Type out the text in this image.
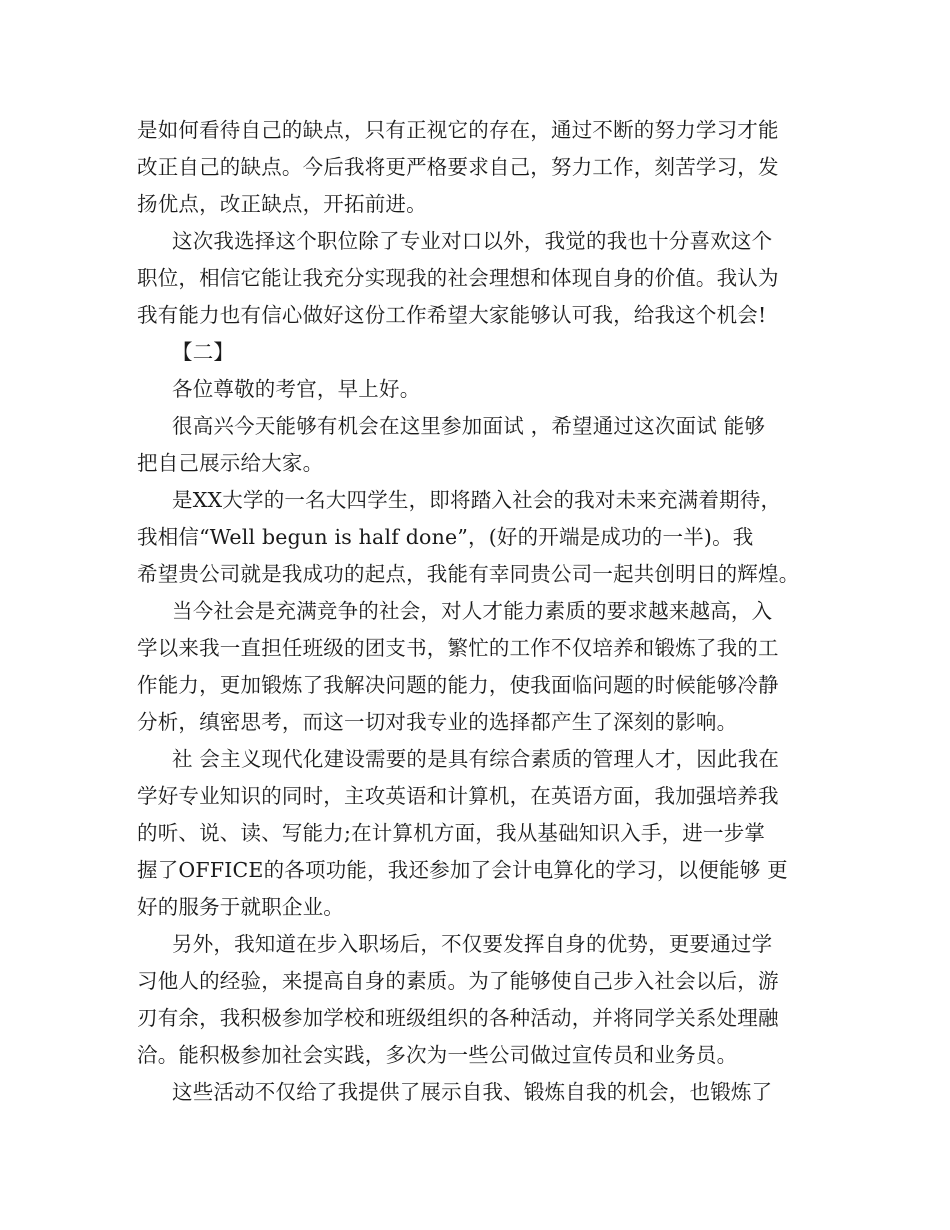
是如何看待自己的缺点，只有正视它的存在，通过不断的努力学习才能
改正自己的缺点。今后我将更严格要求自己，努力工作，刻苦学习，发
扬优点，改正缺点，开拓前进。
这次我选择这个职位除了专业对口以外，我觉的我也十分喜欢这个
职位，相信它能让我充分实现我的社会理想和体现自身的价值。我认为
我有能力也有信心做好这份工作希望大家能够认可我，给我这个机会!
【二】
各位尊敬的考官，早上好。
很高兴今天能够有机会在这里参加面试 ，希望通过这次面试 能够
把自己展示给大家。
是XX大学的一名大四学生，即将踏入社会的我对未来充满着期待，
我相信“Well begun is half done”，(好的开端是成功的一半)。我
希望贵公司就是我成功的起点，我能有幸同贵公司一起共创明日的辉煌。
当今社会是充满竞争的社会，对人才能力素质的要求越来越高，入
学以来我一直担任班级的团支书，繁忙的工作不仅培养和锻炼了我的工
作能力，更加锻炼了我解决问题的能力，使我面临问题的时候能够冷静
分析，缜密思考，而这一切对我专业的选择都产生了深刻的影响。
社 会主义现代化建设需要的是具有综合素质的管理人才，因此我在
学好专业知识的同时，主攻英语和计算机，在英语方面，我加强培养我
的听、说、读、写能力;在计算机方面，我从基础知识入手，进一步掌
握了OFFICE的各项功能，我还参加了会计电算化的学习，以便能够 更
好的服务于就职企业。
另外，我知道在步入职场后，不仅要发挥自身的优势，更要通过学
习他人的经验，来提高自身的素质。为了能够使自己步入社会以后，游
刃有余，我积极参加学校和班级组织的各种活动，并将同学关系处理融
洽。能积极参加社会实践，多次为一些公司做过宣传员和业务员。
这些活动不仅给了我提供了展示自我、锻炼自我的机会，也锻炼了
